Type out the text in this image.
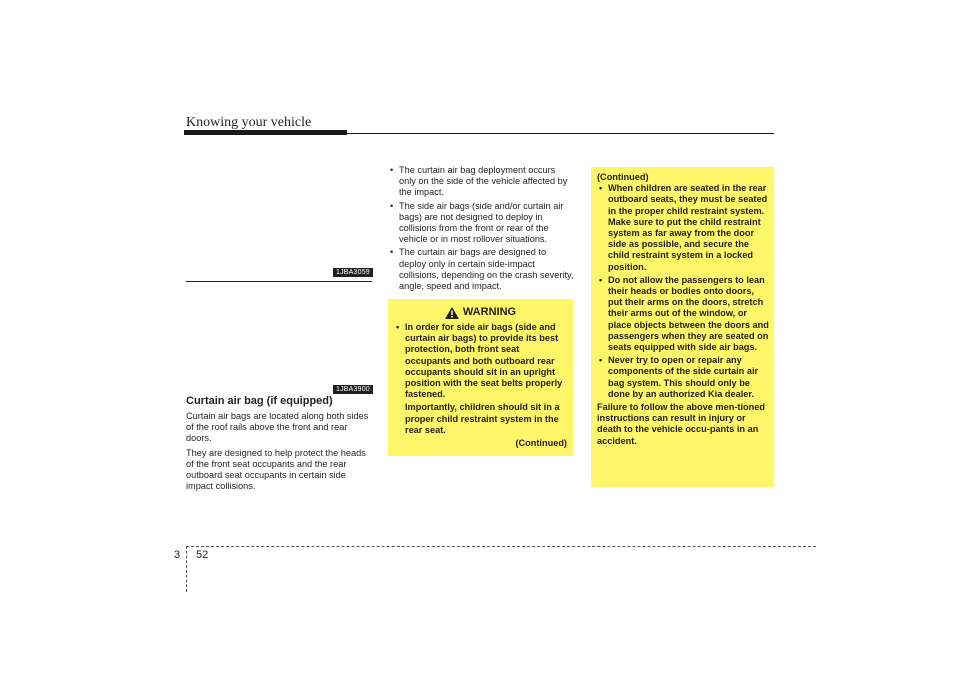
Knowing your vehicle
1JBA3059
1JBA3900
Curtain air bag (if equipped)

Curtain air bags are located along both sides of the roof rails above the front and rear doors.

They are designed to help protect the heads of the front seat occupants and the rear outboard seat occupants in certain side impact collisions.

• The curtain air bag deployment occurs only on the side of the vehicle affected by the impact.
• The side air bags (side and/or curtain air bags) are not designed to deploy in collisions from the front or rear of the vehicle or in most rollover situations.
• The curtain air bags are designed to deploy only in certain side-impact collisions, depending on the crash severity, angle, speed and impact.
WARNING
• In order for side air bags (side and curtain air bags) to provide its best protection, both front seat occupants and both outboard rear occupants should sit in an upright position with the seat belts properly fastened.

Importantly, children should sit in a proper child restraint system in the rear seat.

(Continued)
(Continued)
• When children are seated in the rear outboard seats, they must be seated in the proper child restraint system. Make sure to put the child restraint system as far away from the door side as possible, and secure the child restraint system in a locked position.
• Do not allow the passengers to lean their heads or bodies onto doors, put their arms on the doors, stretch their arms out of the window, or place objects between the doors and passengers when they are seated on seats equipped with side air bags.
• Never try to open or repair any components of the side curtain air bag system. This should only be done by an authorized Kia dealer.

Failure to follow the above men-tioned instructions can result in injury or death to the vehicle occu-pants in an accident.

3 52
